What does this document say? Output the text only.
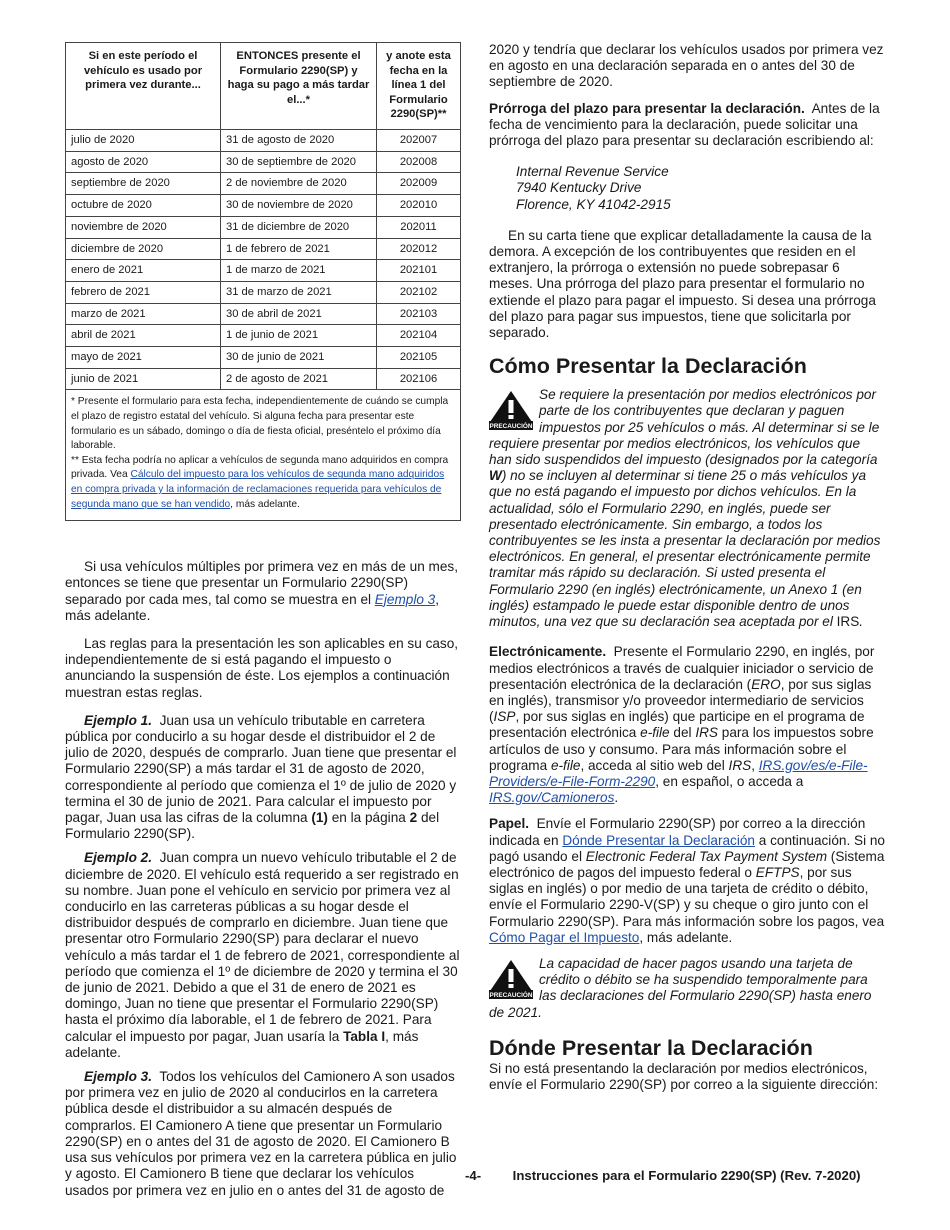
Si en este período el vehículo es usado por primera vez durante...	ENTONCES presente el Formulario 2290(SP) y haga su pago a más tardar el...*	y anote esta fecha en la línea 1 del Formulario 2290(SP)**
julio de 2020	31 de agosto de 2020	202007
agosto de 2020	30 de septiembre de 2020	202008
septiembre de 2020	2 de noviembre de 2020	202009
octubre de 2020	30 de noviembre de 2020	202010
noviembre de 2020	31 de diciembre de 2020	202011
diciembre de 2020	1 de febrero de 2021	202012
enero de 2021	1 de marzo de 2021	202101
febrero de 2021	31 de marzo de 2021	202102
marzo de 2021	30 de abril de 2021	202103
abril de 2021	1 de junio de 2021	202104
mayo de 2021	30 de junio de 2021	202105
junio de 2021	2 de agosto de 2021	202106
* Presente el formulario para esta fecha, independientemente de cuándo se cumpla el plazo de registro estatal del vehículo. Si alguna fecha para presentar este formulario es un sábado, domingo o día de fiesta oficial, preséntelo el próximo día laborable.
** Esta fecha podría no aplicar a vehículos de segunda mano adquiridos en compra privada. Vea Cálculo del impuesto para los vehículos de segunda mano adquiridos en compra privada y la información de reclamaciones requerida para vehículos de segunda mano que se han vendido, más adelante.

Si usa vehículos múltiples por primera vez en más de un mes, entonces se tiene que presentar un Formulario 2290(SP) separado por cada mes, tal como se muestra en el Ejemplo 3, más adelante.

Las reglas para la presentación les son aplicables en su caso, independientemente de si está pagando el impuesto o anunciando la suspensión de éste. Los ejemplos a continuación muestran estas reglas.

Ejemplo 1. Juan usa un vehículo tributable en carretera pública por conducirlo a su hogar desde el distribuidor el 2 de julio de 2020, después de comprarlo. Juan tiene que presentar el Formulario 2290(SP) a más tardar el 31 de agosto de 2020, correspondiente al período que comienza el 1º de julio de 2020 y termina el 30 de junio de 2021. Para calcular el impuesto por pagar, Juan usa las cifras de la columna (1) en la página 2 del Formulario 2290(SP).

Ejemplo 2. Juan compra un nuevo vehículo tributable el 2 de diciembre de 2020. El vehículo está requerido a ser registrado en su nombre. Juan pone el vehículo en servicio por primera vez al conducirlo en las carreteras públicas a su hogar desde el distribuidor después de comprarlo en diciembre. Juan tiene que presentar otro Formulario 2290(SP) para declarar el nuevo vehículo a más tardar el 1 de febrero de 2021, correspondiente al período que comienza el 1º de diciembre de 2020 y termina el 30 de junio de 2021. Debido a que el 31 de enero de 2021 es domingo, Juan no tiene que presentar el Formulario 2290(SP) hasta el próximo día laborable, el 1 de febrero de 2021. Para calcular el impuesto por pagar, Juan usaría la Tabla I, más adelante.

Ejemplo 3. Todos los vehículos del Camionero A son usados por primera vez en julio de 2020 al conducirlos en la carretera pública desde el distribuidor a su almacén después de comprarlos. El Camionero A tiene que presentar un Formulario 2290(SP) en o antes del 31 de agosto de 2020. El Camionero B usa sus vehículos por primera vez en la carretera pública en julio y agosto. El Camionero B tiene que declarar los vehículos usados por primera vez en julio en o antes del 31 de agosto de

2020 y tendría que declarar los vehículos usados por primera vez en agosto en una declaración separada en o antes del 30 de septiembre de 2020.

Prórroga del plazo para presentar la declaración. Antes de la fecha de vencimiento para la declaración, puede solicitar una prórroga del plazo para presentar su declaración escribiendo al:

Internal Revenue Service

7940 Kentucky Drive

Florence, KY 41042-2915

En su carta tiene que explicar detalladamente la causa de la demora. A excepción de los contribuyentes que residen en el extranjero, la prórroga o extensión no puede sobrepasar 6 meses. Una prórroga del plazo para presentar el formulario no extiende el plazo para pagar el impuesto. Si desea una prórroga del plazo para pagar sus impuestos, tiene que solicitarla por separado.

Cómo Presentar la Declaración
PRECAUCIÓN

Se requiere la presentación por medios electrónicos por parte de los contribuyentes que declaran y paguen impuestos por 25 vehículos o más. Al determinar si se le requiere presentar por medios electrónicos, los vehículos que han sido suspendidos del impuesto (designados por la categoría W) no se incluyen al determinar si tiene 25 o más vehículos ya que no está pagando el impuesto por dichos vehículos. En la actualidad, sólo el Formulario 2290, en inglés, puede ser presentado electrónicamente. Sin embargo, a todos los contribuyentes se les insta a presentar la declaración por medios electrónicos. En general, el presentar electrónicamente permite tramitar más rápido su declaración. Si usted presenta el Formulario 2290 (en inglés) electrónicamente, un Anexo 1 (en inglés) estampado le puede estar disponible dentro de unos minutos, una vez que su declaración sea aceptada por el IRS.

Electrónicamente. Presente el Formulario 2290, en inglés, por medios electrónicos a través de cualquier iniciador o servicio de presentación electrónica de la declaración (ERO, por sus siglas en inglés), transmisor y/o proveedor intermediario de servicios (ISP, por sus siglas en inglés) que participe en el programa de presentación electrónica e-file del IRS para los impuestos sobre artículos de uso y consumo. Para más información sobre el programa e-file, acceda al sitio web del IRS, IRS.gov/es/e-File-Providers/e-File-Form-2290, en español, o acceda a IRS.gov/Camioneros.

Papel. Envíe el Formulario 2290(SP) por correo a la dirección indicada en Dónde Presentar la Declaración a continuación. Si no pagó usando el Electronic Federal Tax Payment System (Sistema electrónico de pagos del impuesto federal o EFTPS, por sus siglas en inglés) o por medio de una tarjeta de crédito o débito, envíe el Formulario 2290-V(SP) y su cheque o giro junto con el Formulario 2290(SP). Para más información sobre los pagos, vea Cómo Pagar el Impuesto, más adelante.

PRECAUCIÓN

La capacidad de hacer pagos usando una tarjeta de crédito o débito se ha suspendido temporalmente para las declaraciones del Formulario 2290(SP) hasta enero de 2021.

Dónde Presentar la Declaración

Si no está presentando la declaración por medios electrónicos, envíe el Formulario 2290(SP) por correo a la siguiente dirección:

-4- Instrucciones para el Formulario 2290(SP) (Rev. 7-2020)
